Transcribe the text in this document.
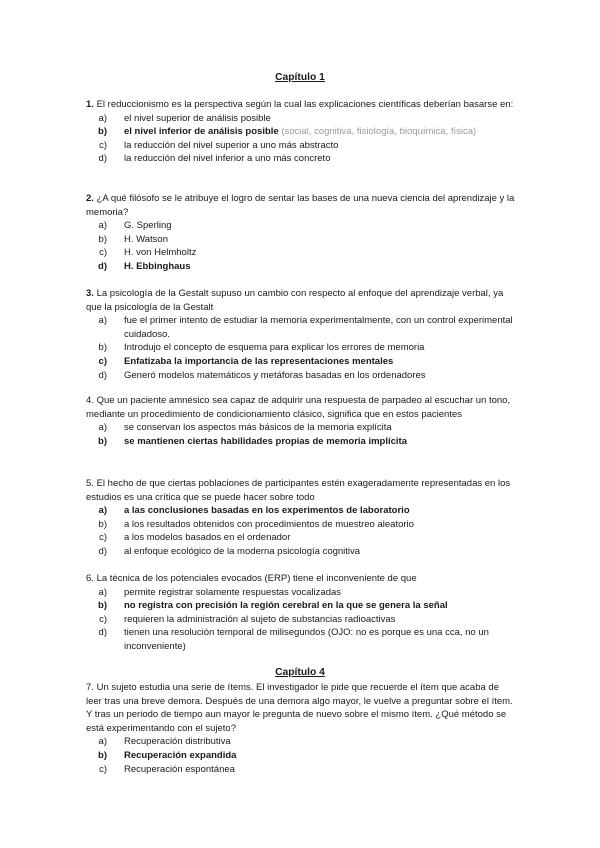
Capítulo 1
1. El reduccionismo es la perspectiva según la cual las explicaciones científicas deberían basarse en:
a)	el nivel superior de análisis posible
b)	el nivel inferior de análisis posible (social, cognitiva, fisiología, bioquímica, física)
c)	la reducción del nivel superior a uno más abstracto
d)	la reducción del nivel inferior a uno más concreto
2. ¿A qué filósofo se le atribuye el logro de sentar las bases de una nueva ciencia del aprendizaje y la memoria?
a)	G. Sperling
b)	H. Watson
c)	H. von Helmholtz
d)	H. Ebbinghaus
3. La psicología de la Gestalt supuso un cambio con respecto al enfoque del aprendizaje verbal, ya que la psicología de la Gestalt
a)	fue el primer intento de estudiar la memoria experimentalmente, con un control experimental cuidadoso.
b)	Introdujo el concepto de esquema para explicar los errores de memoria
c)	Enfatizaba la importancia de las representaciones mentales
d)	Generó modelos matemáticos y metáforas basadas en los ordenadores
4. Que un paciente amnésico sea capaz de adquirir una respuesta de parpadeo al escuchar un tono, mediante un procedimiento de condicionamiento clásico, significa que en estos pacientes
a)	se conservan los aspectos más básicos de la memoria explícita
b)	se mantienen ciertas habilidades propias de memoria implícita
5. El hecho de que ciertas poblaciones de participantes estén exageradamente representadas en los estudios es una crítica que se puede hacer sobre todo
a)	a las conclusiones basadas en los experimentos de laboratorio
b)	a los resultados obtenidos con procedimientos de muestreo aleatorio
c)	a los modelos basados en el ordenador
d)	al enfoque ecológico de la moderna psicología cognitiva
6. La técnica de los potenciales evocados (ERP) tiene el inconveniente de que
a)	permite registrar solamente respuestas vocalizadas
b)	no registra con precisión la región cerebral en la que se genera la señal
c)	requieren la administración al sujeto de substancias radioactivas
d)	tienen una resolución temporal de milisegundos (OJO: no es porque es una cca, no un inconveniente)
Capítulo 4
7. Un sujeto estudia una serie de ítems. El investigador le pide que recuerde el ítem que acaba de leer tras una breve demora. Después de una demora algo mayor, le vuelve a preguntar sobre el ítem. Y tras un periodo de tiempo aun mayor le pregunta de nuevo sobre el mismo ítem. ¿Qué método se está experimentando con el sujeto?
a)	Recuperación distributiva
b)	Recuperación expandida
c)	Recuperación espontánea
